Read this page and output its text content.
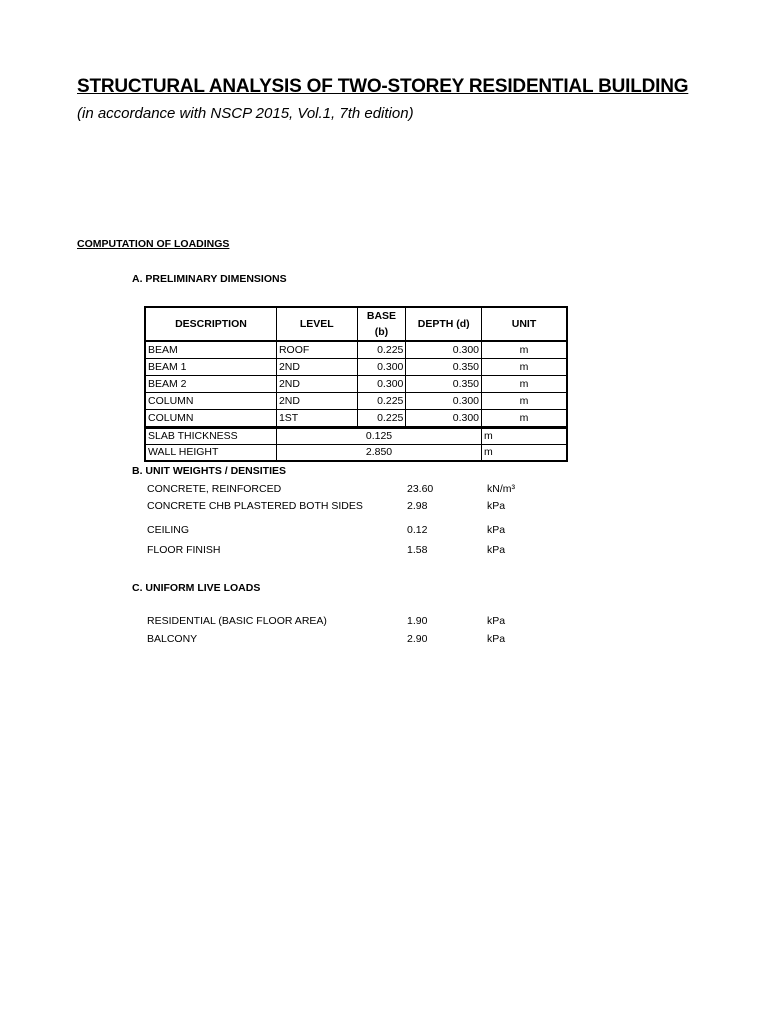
STRUCTURAL ANALYSIS OF TWO-STOREY RESIDENTIAL BUILDING
(in accordance with NSCP 2015, Vol.1, 7th edition)
COMPUTATION OF LOADINGS
A. PRELIMINARY DIMENSIONS
DESCRIPTION	LEVEL	BASE (b)	DEPTH (d)	UNIT
BEAM	ROOF	0.225	0.300	m
BEAM 1	2ND	0.300	0.350	m
BEAM 2	2ND	0.300	0.350	m
COLUMN	2ND	0.225	0.300	m
COLUMN	1ST	0.225	0.300	m
SLAB THICKNESS	0.125	m
WALL HEIGHT	2.850	m
B. UNIT WEIGHTS / DENSITIES
CONCRETE, REINFORCED	23.60	kN/m³
CONCRETE CHB PLASTERED BOTH SIDES	2.98	kPa
CEILING	0.12	kPa
FLOOR FINISH	1.58	kPa
C. UNIFORM LIVE LOADS
RESIDENTIAL (BASIC FLOOR AREA)	1.90	kPa
BALCONY	2.90	kPa
